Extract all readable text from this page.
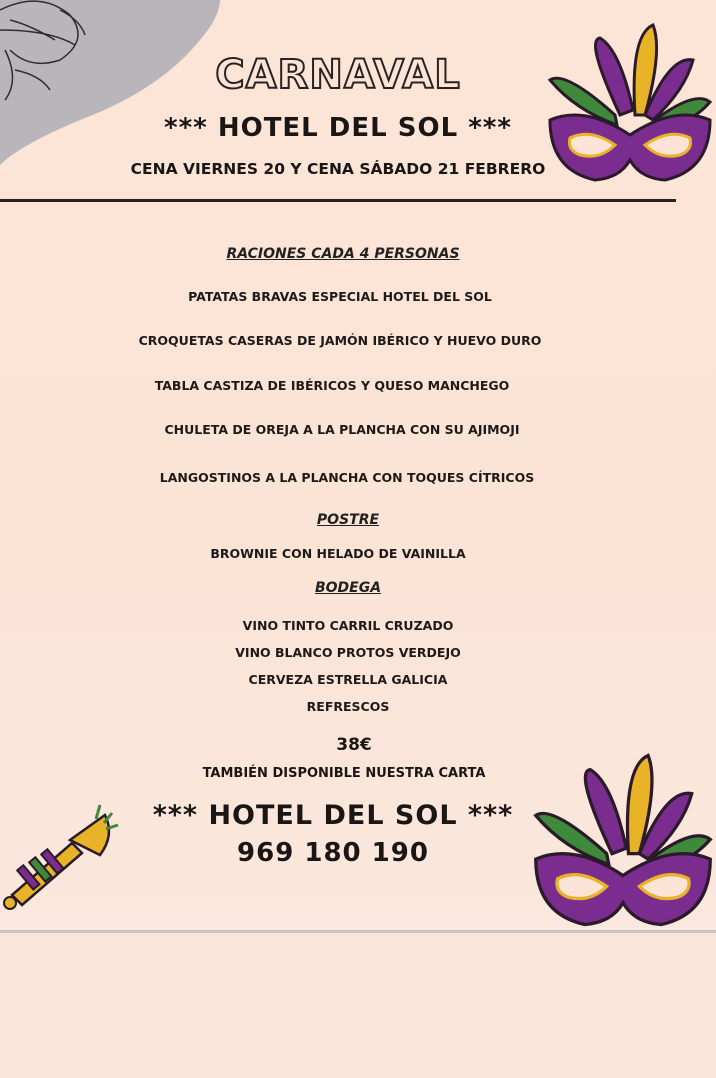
CARNAVAL
*** HOTEL DEL SOL ***
CENA VIERNES 20 Y CENA SÁBADO 21 FEBRERO
RACIONES CADA 4 PERSONAS
PATATAS BRAVAS ESPECIAL HOTEL DEL SOL
CROQUETAS CASERAS DE JAMÓN IBÉRICO Y HUEVO DURO
TABLA CASTIZA DE IBÉRICOS Y QUESO MANCHEGO
CHULETA DE OREJA A LA PLANCHA CON SU AJIMOJI
LANGOSTINOS A LA PLANCHA CON TOQUES CÍTRICOS
POSTRE
BROWNIE CON HELADO DE VAINILLA
BODEGA
VINO TINTO CARRIL CRUZADO
VINO BLANCO PROTOS VERDEJO
CERVEZA ESTRELLA GALICIA
REFRESCOS
38€
TAMBIÉN DISPONIBLE NUESTRA CARTA
*** HOTEL DEL SOL ***
969 180 190
